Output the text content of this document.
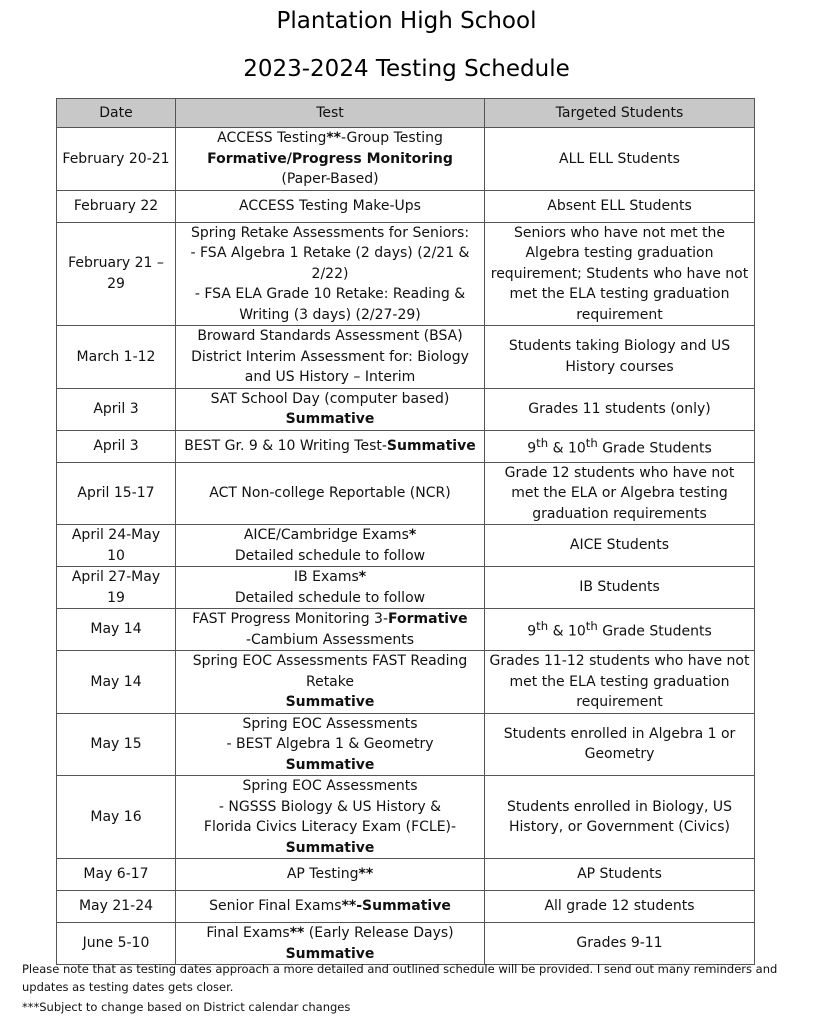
Plantation High School
2023-2024 Testing Schedule
Date	Test	Targeted Students
February 20-21	ACCESS Testing**-Group Testing
Formative/Progress Monitoring
(Paper-Based)	ALL ELL Students
February 22	ACCESS Testing Make-Ups	Absent ELL Students
February 21 – 29	Spring Retake Assessments for Seniors:
- FSA Algebra 1 Retake (2 days) (2/21 & 2/22)
- FSA ELA Grade 10 Retake: Reading & Writing (3 days) (2/27-29)	Seniors who have not met the Algebra testing graduation requirement; Students who have not met the ELA testing graduation requirement
March 1-12	Broward Standards Assessment (BSA)
District Interim Assessment for: Biology and US History – Interim	Students taking Biology and US History courses
April 3	SAT School Day (computer based)
Summative	Grades 11 students (only)
April 3	BEST Gr. 9 & 10 Writing Test-Summative	9th & 10th Grade Students
April 15-17	ACT Non-college Reportable (NCR)	Grade 12 students who have not met the ELA or Algebra testing graduation requirements
April 24-May 10	AICE/Cambridge Exams*
Detailed schedule to follow	AICE Students
April 27-May 19	IB Exams*
Detailed schedule to follow	IB Students
May 14	FAST Progress Monitoring 3-Formative
-Cambium Assessments	9th & 10th Grade Students
May 14	Spring EOC Assessments FAST Reading Retake
Summative	Grades 11-12 students who have not met the ELA testing graduation requirement
May 15	Spring EOC Assessments
- BEST Algebra 1 & Geometry
Summative	Students enrolled in Algebra 1 or Geometry
May 16	Spring EOC Assessments
- NGSSS Biology & US History &
Florida Civics Literacy Exam (FCLE)-
Summative	Students enrolled in Biology, US History, or Government (Civics)
May 6-17	AP Testing**	AP Students
May 21-24	Senior Final Exams**-Summative	All grade 12 students
June 5-10	Final Exams** (Early Release Days)
Summative	Grades 9-11
Please note that as testing dates approach a more detailed and outlined schedule will be provided. I send out many reminders and updates as testing dates gets closer.
***Subject to change based on District calendar changes
